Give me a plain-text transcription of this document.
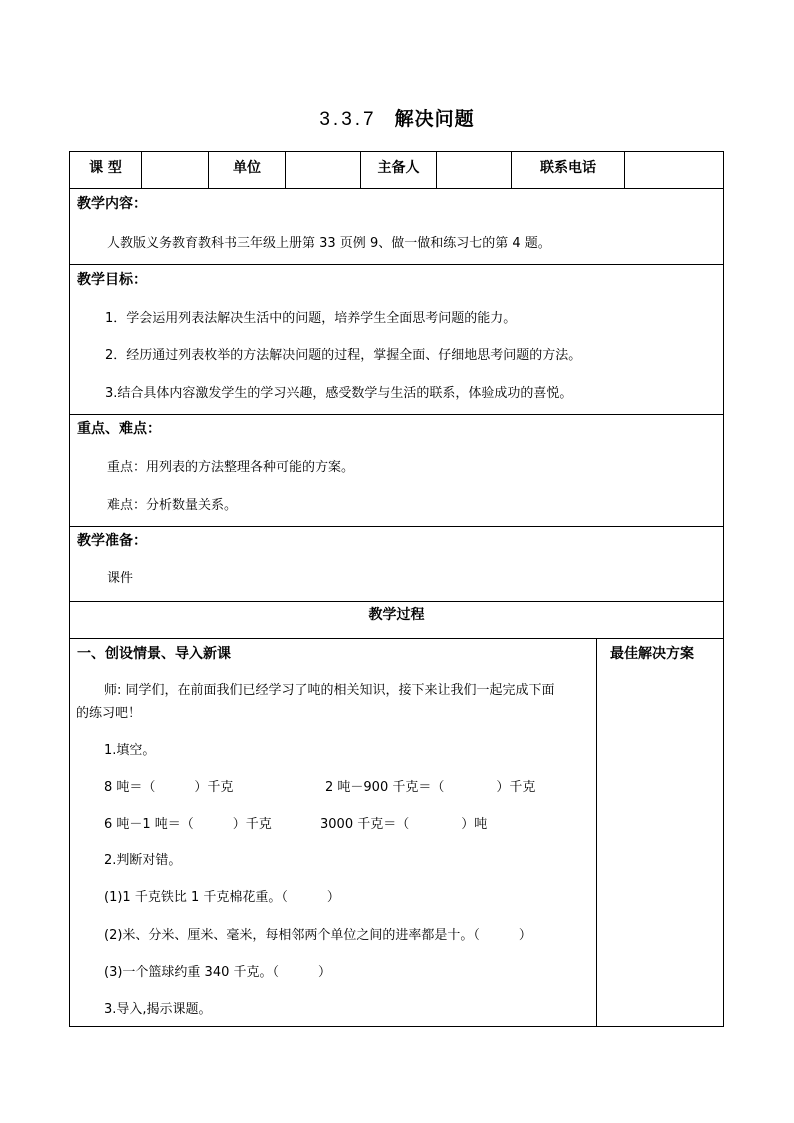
3.3.7 解决问题
课 型	单位	主备人	联系电话
教学内容：
人教版义务教育教科书三年级上册第 33 页例 9、做一做和练习七的第 4 题。
教学目标：
1．学会运用列表法解决生活中的问题，培养学生全面思考问题的能力。
2．经历通过列表枚举的方法解决问题的过程，掌握全面、仔细地思考问题的方法。
3.结合具体内容激发学生的学习兴趣，感受数学与生活的联系，体验成功的喜悦。
重点、难点：
重点：用列表的方法整理各种可能的方案。
难点：分析数量关系。
教学准备：
课件
教学过程
一、创设情景、导入新课
师: 同学们，在前面我们已经学习了吨的相关知识，接下来让我们一起完成下面
的练习吧！
1.填空。
8 吨＝（　　　）千克	2 吨－900 千克＝（　　　　）千克
6 吨－1 吨＝（　　　）千克	3000 千克＝（　　　　）吨
2.判断对错。
(1)1 千克铁比 1 千克棉花重。（　　　）
(2)米、分米、厘米、毫米，每相邻两个单位之间的进率都是十。（　　　）
(3)一个篮球约重 340 千克。（　　　）
3.导入,揭示课题。
最佳解决方案
